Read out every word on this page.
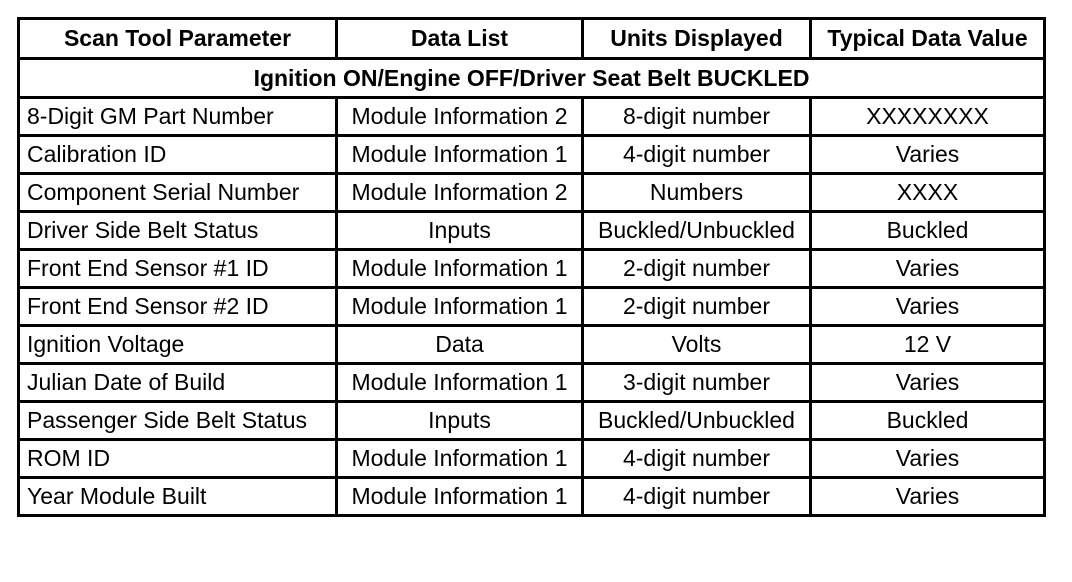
Scan Tool Parameter	Data List	Units Displayed	Typical Data Value
Ignition ON/Engine OFF/Driver Seat Belt BUCKLED			
8-Digit GM Part Number	Module Information 2	8-digit number	XXXXXXXX
Calibration ID	Module Information 1	4-digit number	Varies
Component Serial Number	Module Information 2	Numbers	XXXX
Driver Side Belt Status	Inputs	Buckled/Unbuckled	Buckled
Front End Sensor #1 ID	Module Information 1	2-digit number	Varies
Front End Sensor #2 ID	Module Information 1	2-digit number	Varies
Ignition Voltage	Data	Volts	12 V
Julian Date of Build	Module Information 1	3-digit number	Varies
Passenger Side Belt Status	Inputs	Buckled/Unbuckled	Buckled
ROM ID	Module Information 1	4-digit number	Varies
Year Module Built	Module Information 1	4-digit number	Varies
